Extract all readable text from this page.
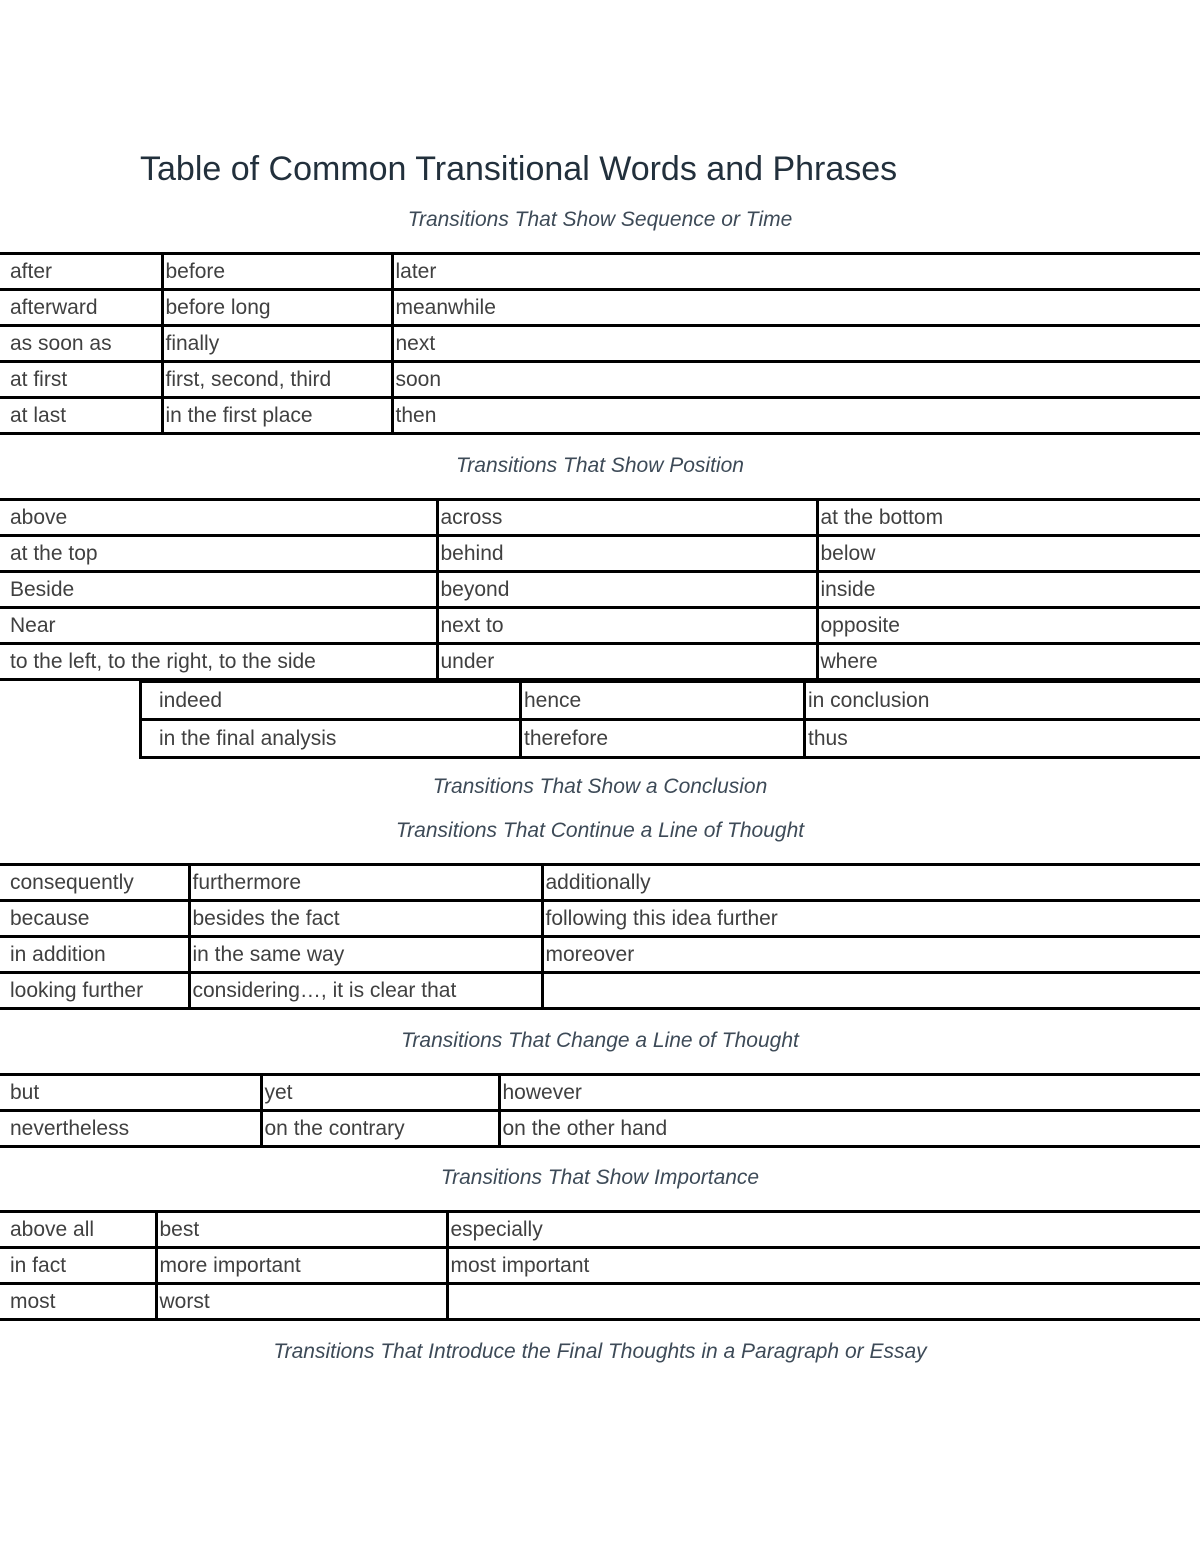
Table of Common Transitional Words and Phrases
Transitions That Show Sequence or Time
after	before	later
afterward	before long	meanwhile
as soon as	finally	next
at first	first, second, third	soon
at last	in the first place	then
Transitions That Show Position
above	across	at the bottom
at the top	behind	below
Beside	beyond	inside
Near	next to	opposite
to the left, to the right, to the side	under	where
indeed	hence	in conclusion
in the final analysis	therefore	thus
Transitions That Show a Conclusion
Transitions That Continue a Line of Thought
consequently	furthermore	additionally
because	besides the fact	following this idea further
in addition	in the same way	moreover
looking further	considering…, it is clear that	
Transitions That Change a Line of Thought
but	yet	however
nevertheless	on the contrary	on the other hand
Transitions That Show Importance
above all	best	especially
in fact	more important	most important
most	worst	
Transitions That Introduce the Final Thoughts in a Paragraph or Essay
